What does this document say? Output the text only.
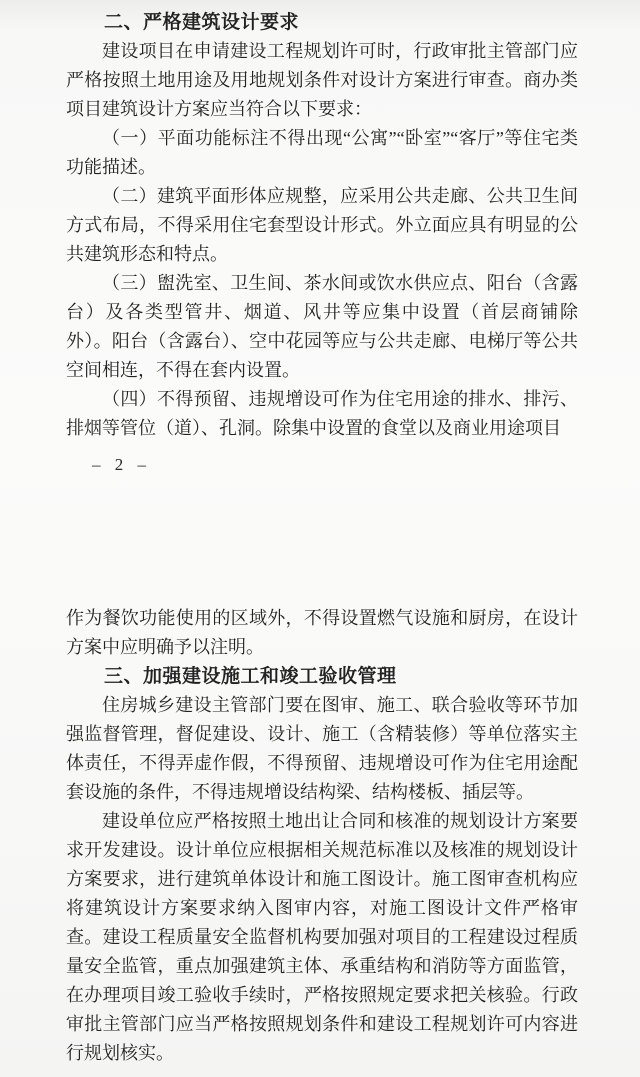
二、严格建筑设计要求

建设项目在申请建设工程规划许可时，行政审批主管部门应严格按照土地用途及用地规划条件对设计方案进行审查。商办类项目建筑设计方案应当符合以下要求：

（一）平面功能标注不得出现“公寓”“卧室”“客厅”等住宅类功能描述。

（二）建筑平面形体应规整，应采用公共走廊、公共卫生间方式布局，不得采用住宅套型设计形式。外立面应具有明显的公共建筑形态和特点。

（三）盥洗室、卫生间、茶水间或饮水供应点、阳台（含露台）及各类型管井、烟道、风井等应集中设置（首层商铺除外）。阳台（含露台）、空中花园等应与公共走廊、电梯厅等公共空间相连，不得在套内设置。

（四）不得预留、违规增设可作为住宅用途的排水、排污、排烟等管位（道）、孔洞。除集中设置的食堂以及商业用途项目

– 2 –

作为餐饮功能使用的区域外，不得设置燃气设施和厨房，在设计方案中应明确予以注明。

三、加强建设施工和竣工验收管理

住房城乡建设主管部门要在图审、施工、联合验收等环节加强监督管理，督促建设、设计、施工（含精装修）等单位落实主体责任，不得弄虚作假，不得预留、违规增设可作为住宅用途配套设施的条件，不得违规增设结构梁、结构楼板、插层等。

建设单位应严格按照土地出让合同和核准的规划设计方案要求开发建设。设计单位应根据相关规范标准以及核准的规划设计方案要求，进行建筑单体设计和施工图设计。施工图审查机构应将建筑设计方案要求纳入图审内容，对施工图设计文件严格审查。建设工程质量安全监督机构要加强对项目的工程建设过程质量安全监管，重点加强建筑主体、承重结构和消防等方面监管，在办理项目竣工验收手续时，严格按照规定要求把关核验。行政审批主管部门应当严格按照规划条件和建设工程规划许可内容进行规划核实。
